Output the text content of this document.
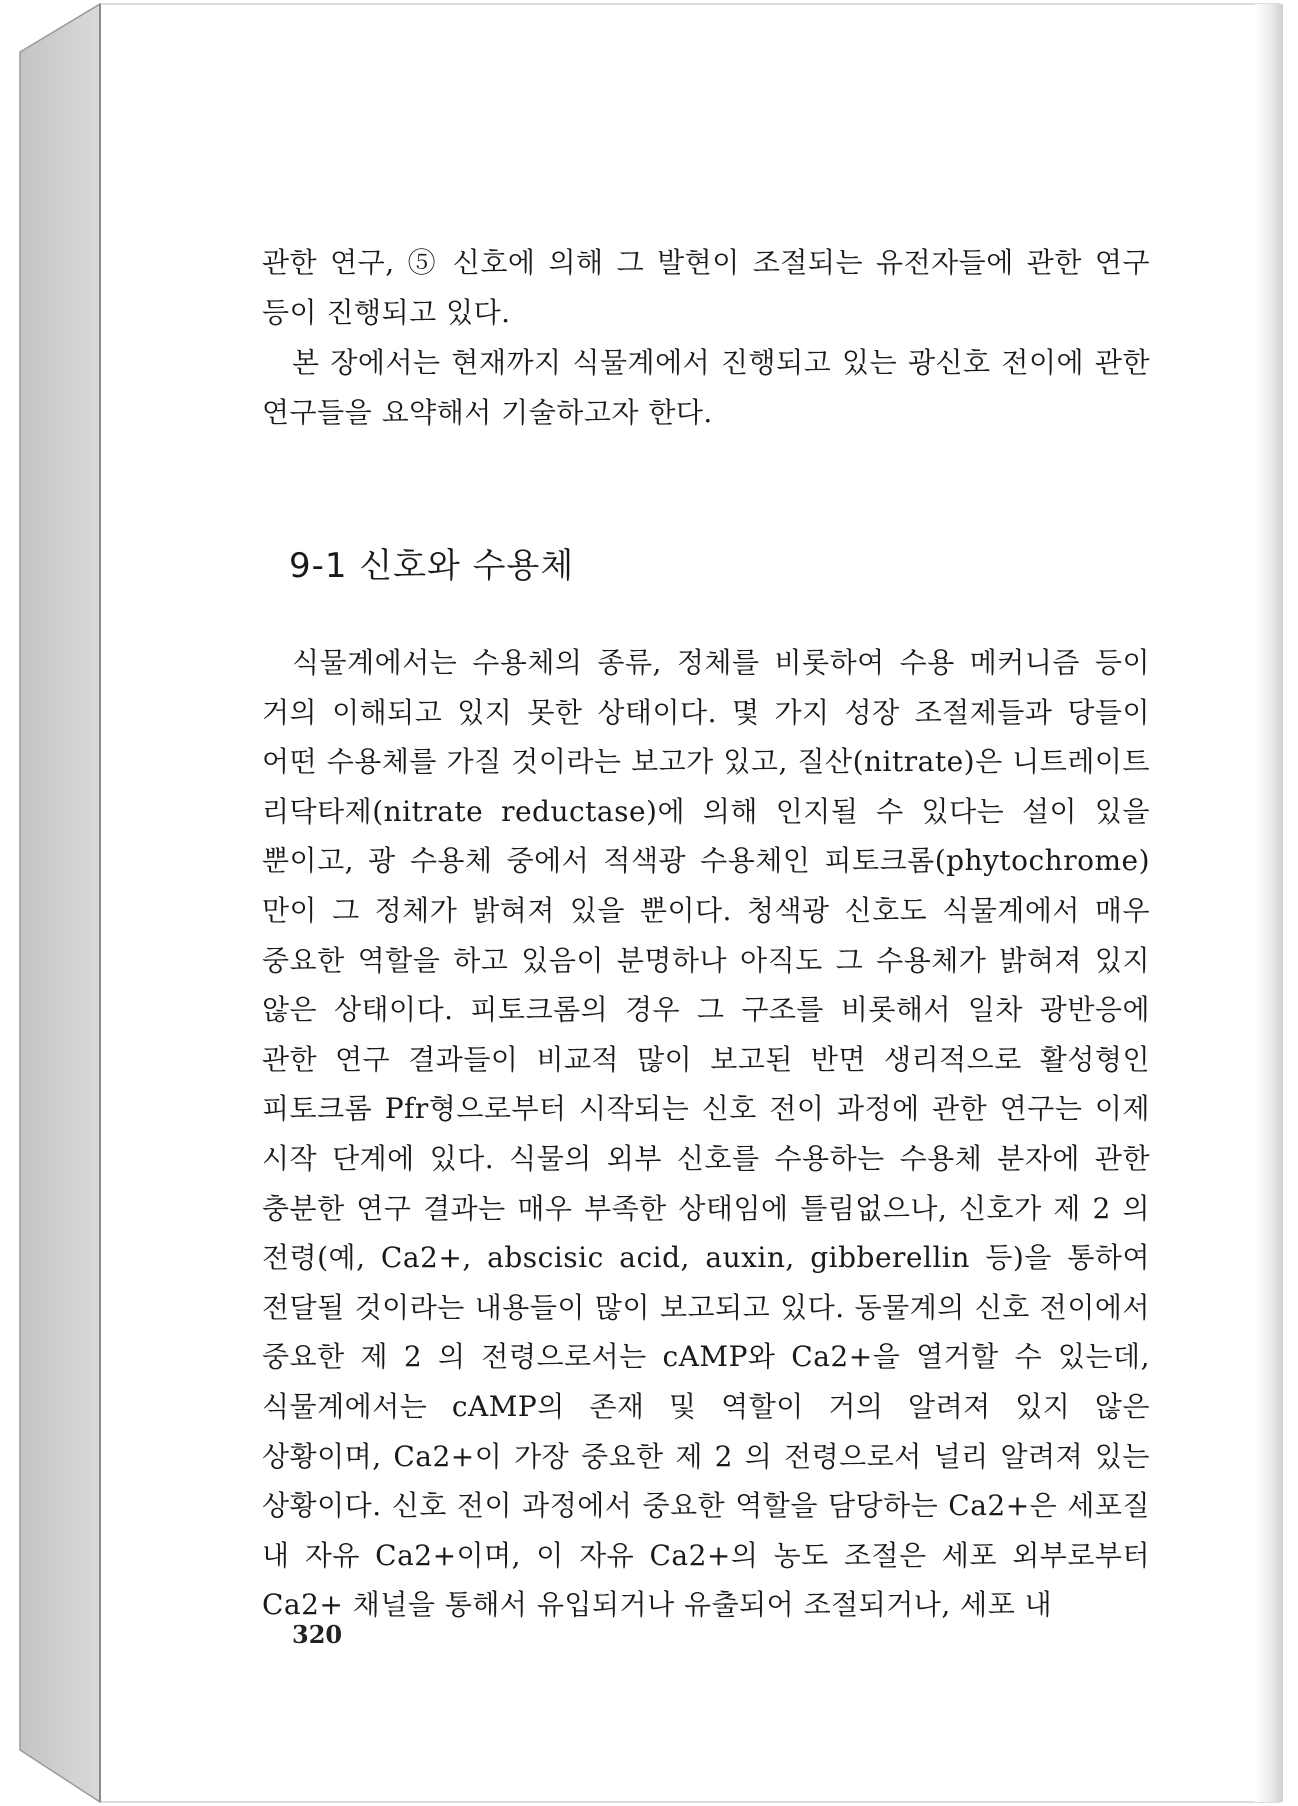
관한 연구, ⑤ 신호에 의해 그 발현이 조절되는 유전자들에 관한 연구 등이 진행되고 있다.

본 장에서는 현재까지 식물계에서 진행되고 있는 광신호 전이에 관한 연구들을 요약해서 기술하고자 한다.

9-1 신호와 수용체

식물계에서는 수용체의 종류, 정체를 비롯하여 수용 메커니즘 등이 거의 이해되고 있지 못한 상태이다. 몇 가지 성장 조절제들과 당들이 어떤 수용체를 가질 것이라는 보고가 있고, 질산(nitrate)은 니트레이트 리닥타제(nitrate reductase)에 의해 인지될 수 있다는 설이 있을 뿐이고, 광 수용체 중에서 적색광 수용체인 피토크롬(phytochrome)만이 그 정체가 밝혀져 있을 뿐이다. 청색광 신호도 식물계에서 매우 중요한 역할을 하고 있음이 분명하나 아직도 그 수용체가 밝혀져 있지 않은 상태이다. 피토크롬의 경우 그 구조를 비롯해서 일차 광반응에 관한 연구 결과들이 비교적 많이 보고된 반면 생리적으로 활성형인 피토크롬 Pfr형으로부터 시작되는 신호 전이 과정에 관한 연구는 이제 시작 단계에 있다. 식물의 외부 신호를 수용하는 수용체 분자에 관한 충분한 연구 결과는 매우 부족한 상태임에 틀림없으나, 신호가 제 2 의 전령(예, Ca2+, abscisic acid, auxin, gibberellin 등)을 통하여 전달될 것이라는 내용들이 많이 보고되고 있다. 동물계의 신호 전이에서 중요한 제 2 의 전령으로서는 cAMP와 Ca2+을 열거할 수 있는데, 식물계에서는 cAMP의 존재 및 역할이 거의 알려져 있지 않은 상황이며, Ca2+이 가장 중요한 제 2 의 전령으로서 널리 알려져 있는 상황이다. 신호 전이 과정에서 중요한 역할을 담당하는 Ca2+은 세포질 내 자유 Ca2+이며, 이 자유 Ca2+의 농도 조절은 세포 외부로부터 Ca2+ 채널을 통해서 유입되거나 유출되어 조절되거나, 세포 내

320
